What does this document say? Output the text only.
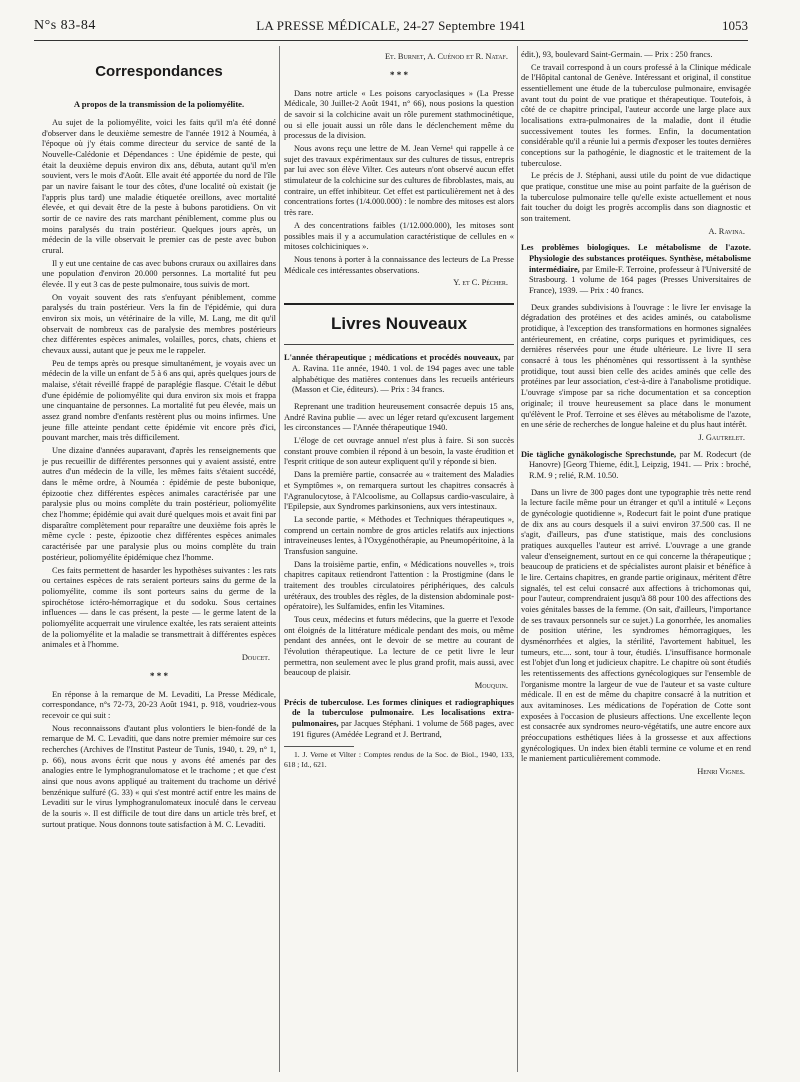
N°s 83-84	LA PRESSE MÉDICALE, 24-27 Septembre 1941	1053
Correspondances
A propos de la transmission de la poliomyélite.

Au sujet de la poliomyélite, voici les faits qu'il m'a été donné d'observer dans le deuxième semestre de l'année 1912 à Nouméa, à l'époque où j'y étais comme directeur du service de santé de la Nouvelle-Calédonie et Dépendances : Une épidémie de peste, qui était la deuxième depuis environ dix ans, débuta, autant qu'il m'en souvient, vers le mois d'Août. Elle avait été apportée du nord de l'île par un navire faisant le tour des côtes, d'une localité où existait (je l'appris plus tard) une maladie étiquetée oreillons, avec mortalité élevée, et qui devait être de la peste à bubons parotidiens. On vit sortir de ce navire des rats marchant péniblement, comme plus ou moins paralysés du train postérieur. Quelques jours après, un médecin de la ville observait le premier cas de peste avec bubon crural.

Il y eut une centaine de cas avec bubons cruraux ou axillaires dans une population d'environ 20.000 personnes. La mortalité fut peu élevée. Il y eut 3 cas de peste pulmonaire, tous suivis de mort.

On voyait souvent des rats s'enfuyant péniblement, comme paralysés du train postérieur. Vers la fin de l'épidémie, qui dura environ six mois, un vétérinaire de la ville, M. Lang, me dit qu'il observait de nombreux cas de paralysie des membres postérieurs chez différentes espèces animales, volailles, porcs, chats, chiens et chevaux aussi, autant que je peux me le rappeler.

Peu de temps après ou presque simultanément, je voyais avec un médecin de la ville un enfant de 5 à 6 ans qui, après quelques jours de malaise, s'était réveillé frappé de paraplégie flasque. C'était le début d'une épidémie de poliomyélite qui dura environ six mois et frappa une cinquantaine de personnes. La mortalité fut peu élevée, mais un assez grand nombre d'enfants restèrent plus ou moins infirmes. Une jeune fille atteinte pendant cette épidémie vit encore près d'ici, pouvant marcher, mais très difficilement.

Une dizaine d'années auparavant, d'après les renseignements que je pus recueillir de différentes personnes qui y avaient assisté, entre autres d'un médecin de la ville, les mêmes faits s'étaient succédé, dans le même ordre, à Nouméa : épidémie de peste bubonique, épizootie chez différentes espèces animales caractérisée par une paralysie plus ou moins complète du train postérieur, poliomyélite chez l'homme; épidémie qui avait duré quelques mois et avait fini par disparaître complètement pour reparaître une deuxième fois après le même cycle : peste, épizootie chez différentes espèces animales caractérisée par une paralysie plus ou moins complète du train postérieur, poliomyélite épidémique chez l'homme.

Ces faits permettent de hasarder les hypothèses suivantes : les rats ou certaines espèces de rats seraient porteurs sains du germe de la poliomyélite, comme ils sont porteurs sains du germe de la spirochétose ictéro-hémorragique et du sodoku. Sous certaines influences — dans le cas présent, la peste — le germe latent de la poliomyélite acquerrait une virulence exaltée, les rats seraient atteints de la poliomyélite et la maladie se transmettrait à différentes espèces animales et à l'homme.

Doucet.
* * *

En réponse à la remarque de M. Levaditi, La Presse Médicale, correspondance, n°s 72-73, 20-23 Août 1941, p. 918, voudriez-vous recevoir ce qui suit :

Nous reconnaissons d'autant plus volontiers le bien-fondé de la remarque de M. C. Levaditi, que dans notre premier mémoire sur ces recherches (Archives de l'Institut Pasteur de Tunis, 1940, t. 29, n° 1, p. 66), nous avons écrit que nous y avons été amenés par des analogies entre le lymphogranulomatose et le trachome ; et que c'est ainsi que nous avons appliqué au traitement du trachome un dérivé benzénique sulfuré (G. 33) « qui s'est montré actif entre les mains de Levaditi sur le virus lymphogranulomateux inoculé dans le cerveau de la souris ». Il est difficile de tout dire dans un article très bref, et surtout pratique. Nous donnons toute satisfaction à M. C. Levaditi.

Et. Burnet, A. Cuénod et R. Nataf.
* * *

Dans notre article « Les poisons caryoclasiques » (La Presse Médicale, 30 Juillet-2 Août 1941, n° 66), nous posions la question de savoir si la colchicine avait un rôle purement stathmocinétique, ou si elle jouait aussi un rôle dans le déclenchement même du processus de la division.

Nous avons reçu une lettre de M. Jean Verne¹ qui rappelle à ce sujet des travaux expérimentaux sur des cultures de tissus, entrepris par lui avec son élève Vilter. Ces auteurs n'ont observé aucun effet stimulateur de la colchicine sur des cultures de fibroblastes, mais, au contraire, un effet inhibiteur. Cet effet est particulièrement net à des concentrations fortes (1/4.000.000) : le nombre des mitoses est alors très rare.

A des concentrations faibles (1/12.000.000), les mitoses sont possibles mais il y a accumulation caractéristique de cellules en « mitoses colchiciniques ».

Nous tenons à porter à la connaissance des lecteurs de La Presse Médicale ces intéressantes observations.

Y. et C. Pécher.
Livres Nouveaux
L'année thérapeutique ; médications et procédés nouveaux, par A. Ravina. 11e année, 1940. 1 vol. de 194 pages avec une table alphabétique des matières contenues dans les recueils antérieurs (Masson et Cie, éditeurs). — Prix : 34 francs.

Reprenant une tradition heureusement consacrée depuis 15 ans, André Ravina publie — avec un léger retard qu'excusent largement les circonstances — l'Année thérapeutique 1940.

L'éloge de cet ouvrage annuel n'est plus à faire. Si son succès constant prouve combien il répond à un besoin, la vaste érudition et l'esprit critique de son auteur expliquent qu'il y réponde si bien.

Dans la première partie, consacrée au « traitement des Maladies et Symptômes », on remarquera surtout les chapitres consacrés à l'Agranulocytose, à l'Alcoolisme, au Collapsus cardio-vasculaire, à l'Epilepsie, aux Syndromes parkinsoniens, aux vers intestinaux.

La seconde partie, « Méthodes et Techniques thérapeutiques », comprend un certain nombre de gros articles relatifs aux injections intraveineuses lentes, à l'Oxygénothérapie, au Pneumopéritoine, à la Transfusion sanguine.

Dans la troisième partie, enfin, « Médications nouvelles », trois chapitres capitaux retiendront l'attention : la Prostigmine (dans le traitement des troubles circulatoires périphériques, des calculs urétéraux, des troubles des règles, de la distension abdominale post-opératoire), les Sulfamides, enfin les Vitamines.

Tous ceux, médecins et futurs médecins, que la guerre et l'exode ont éloignés de la littérature médicale pendant des mois, ou même pendant des années, ont le devoir de se mettre au courant de l'évolution thérapeutique. La lecture de ce petit livre le leur permettra, non seulement avec le plus grand profit, mais aussi, avec beaucoup de plaisir.

Mouquin.
Précis de tuberculose. Les formes cliniques et radiographiques de la tuberculose pulmonaire. Les localisations extra-pulmonaires, par Jacques Stéphani. 1 volume de 568 pages, avec 191 figures (Amédée Legrand et J. Bertrand,

1. J. Verne et Vilter : Comptes rendus de la Soc. de Biol., 1940, 133, 618 ; Id., 621.

édit.), 93, boulevard Saint-Germain. — Prix : 250 francs.

Ce travail correspond à un cours professé à la Clinique médicale de l'Hôpital cantonal de Genève. Intéressant et original, il constitue essentiellement une étude de la tuberculose pulmonaire, envisagée avant tout du point de vue pratique et thérapeutique. Toutefois, à côté de ce chapitre principal, l'auteur accorde une large place aux localisations extra-pulmonaires de la maladie, dont il étudie successivement toutes les formes. Enfin, la documentation considérable qu'il a réunie lui a permis d'exposer les toutes dernières conceptions sur la pathogénie, le diagnostic et le traitement de la tuberculose.

Le précis de J. Stéphani, aussi utile du point de vue didactique que pratique, constitue une mise au point parfaite de la guérison de la tuberculose pulmonaire telle qu'elle existe actuellement et nous fait toucher du doigt les progrès accomplis dans son diagnostic et son traitement.

A. Ravina.
Les problèmes biologiques. Le métabolisme de l'azote. Physiologie des substances protéiques. Synthèse, métabolisme intermédiaire, par Emile-F. Terroine, professeur à l'Université de Strasbourg. 1 volume de 164 pages (Presses Universitaires de France), 1939. — Prix : 40 francs.

Deux grandes subdivisions à l'ouvrage : le livre Ier envisage la dégradation des protéines et des acides aminés, ou catabolisme protidique, à l'exception des transformations en hormones signalées antérieurement, en créatine, corps puriques et pyrimidiques, ces dernières réservées pour une étude ultérieure. Le livre II sera consacré à tous les phénomènes qui ressortissent à la synthèse protidique, tout aussi bien celle des acides aminés que celle des protéines par leur association, c'est-à-dire à l'anabolisme protidique. L'ouvrage s'impose par sa riche documentation et sa conception originale; il trouve heureusement sa place dans le monument qu'élèvent le Prof. Terroine et ses élèves au métabolisme de l'azote, en une série de recherches de longue haleine et du plus haut intérêt.

J. Gautrelet.
Die tägliche gynäkologische Sprechstunde, par M. Rodecurt (de Hanovre) [Georg Thieme, édit.], Leipzig, 1941. — Prix : broché, R.M. 9 ; relié, R.M. 10.50.

Dans un livre de 300 pages dont une typographie très nette rend la lecture facile même pour un étranger et qu'il a intitulé « Leçons de gynécologie quotidienne », Rodecurt fait le point d'une pratique de dix ans au cours desquels il a suivi environ 37.500 cas. Il ne s'agit, d'ailleurs, pas d'une statistique, mais des conclusions pratiques auxquelles l'auteur est arrivé. L'ouvrage a une grande valeur d'enseignement, surtout en ce qui concerne la thérapeutique ; beaucoup de praticiens et de spécialistes auront plaisir et bénéfice à le lire. Certains chapitres, en grande partie originaux, méritent d'être signalés, tel est celui consacré aux affections à trichomonas qui, pour l'auteur, comprendraient jusqu'à 88 pour 100 des affections des voies génitales basses de la femme. (On sait, d'ailleurs, l'importance de ses travaux personnels sur ce sujet.) La gonorrhée, les anomalies de position utérine, les syndromes hémorragiques, les dysménorrhées et algies, la stérilité, l'avortement habituel, les tumeurs, etc.... sont, tour à tour, étudiés. L'insuffisance hormonale est l'objet d'un long et judicieux chapitre. Le chapitre où sont étudiés les retentissements des affections gynécologiques sur l'ensemble de l'organisme montre la largeur de vue de l'auteur et sa vaste culture médicale. Il en est de même du chapitre consacré à la nutrition et aux avitaminoses. Les médications de l'opération de Cotte sont exposées à l'occasion de plusieurs affections. Une excellente leçon est consacrée aux syndromes neuro-végétatifs, une autre encore aux préoccupations esthétiques liées à la grossesse et aux affections gynécologiques. Un index bien établi termine ce volume et en rend le maniement particulièrement commode.

Henri Vignes.
